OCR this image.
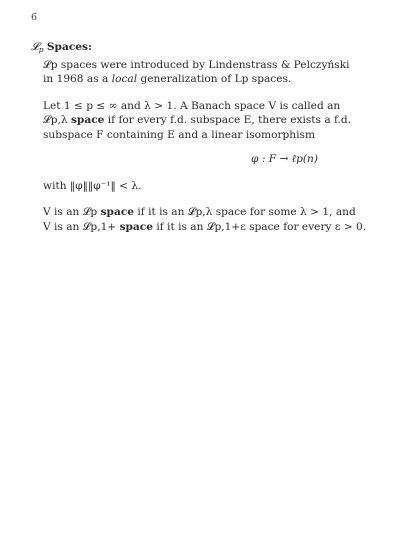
6

𝓛$_p$ Spaces:

𝓛p spaces were introduced by Lindenstrass & Pelczyński
in 1968 as a local generalization of Lp spaces.

Let 1 ≤ p ≤ ∞ and λ > 1. A Banach space V is called an
𝓛p,λ space if for every f.d. subspace E, there exists a f.d.
subspace F containing E and a linear isomorphism

φ : F → ℓp(n)

with ‖φ‖‖φ⁻¹‖ < λ.

V is an 𝓛p space if it is an 𝓛p,λ space for some λ > 1, and
V is an 𝓛p,1+ space if it is an 𝓛p,1+ε space for every ε > 0.
